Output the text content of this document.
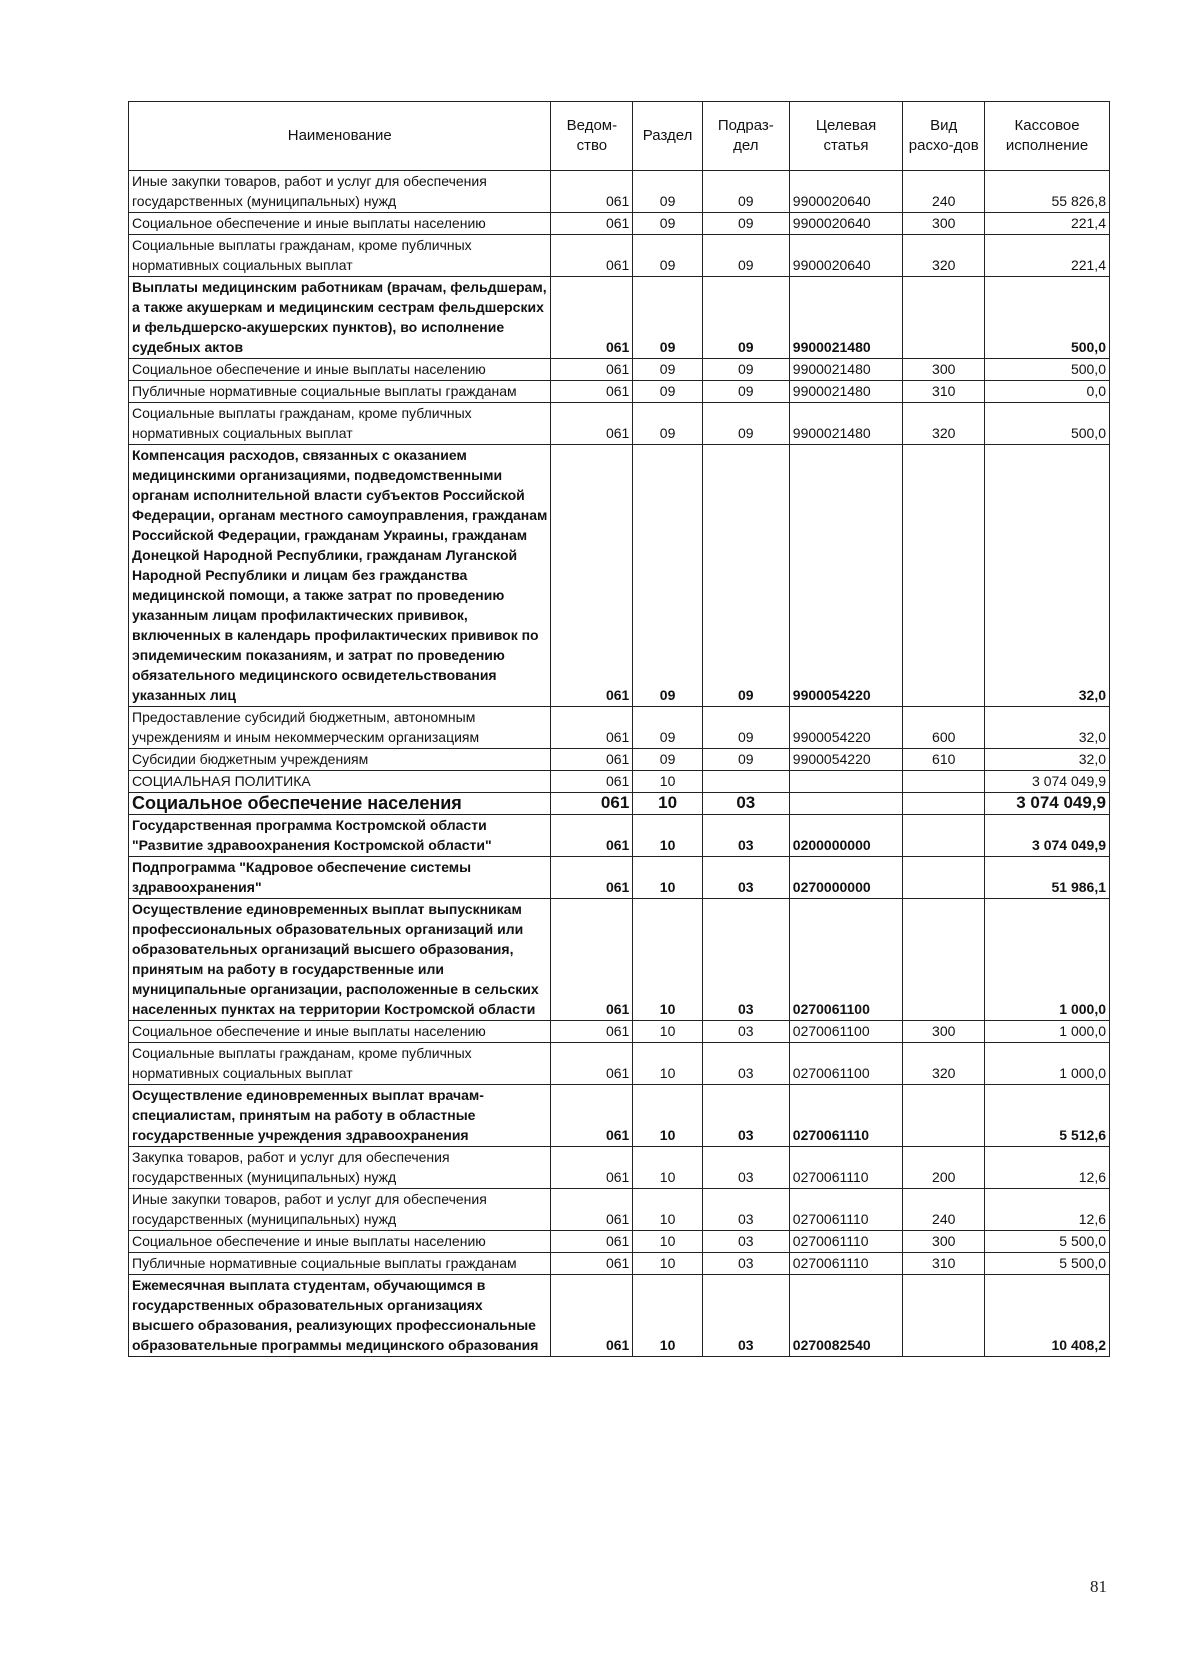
Наименование	Ведом-ство	Раздел	Подраз-дел	Целевая статья	Вид расхо-дов	Кассовое исполнение
Иные закупки товаров, работ и услуг для обеспечения государственных (муниципальных) нужд	061	09	09	9900020640	240	55 826,8
Социальное обеспечение и иные выплаты населению	061	09	09	9900020640	300	221,4
Социальные выплаты гражданам, кроме публичных нормативных социальных выплат	061	09	09	9900020640	320	221,4
Выплаты медицинским работникам (врачам, фельдшерам, а также акушеркам и медицинским сестрам фельдшерских и фельдшерско-акушерских пунктов), во исполнение судебных актов	061	09	09	9900021480		500,0
Социальное обеспечение и иные выплаты населению	061	09	09	9900021480	300	500,0
Публичные нормативные социальные выплаты гражданам	061	09	09	9900021480	310	0,0
Социальные выплаты гражданам, кроме публичных нормативных социальных выплат	061	09	09	9900021480	320	500,0
Компенсация расходов, связанных с оказанием медицинскими организациями, подведомственными органам исполнительной власти субъектов Российской Федерации, органам местного самоуправления, гражданам Российской Федерации, гражданам Украины, гражданам Донецкой Народной Республики, гражданам Луганской Народной Республики и лицам без гражданства медицинской помощи, а также затрат по проведению указанным лицам профилактических прививок, включенных в календарь профилактических прививок по эпидемическим показаниям, и затрат по проведению обязательного медицинского освидетельствования указанных лиц	061	09	09	9900054220		32,0
Предоставление субсидий бюджетным, автономным учреждениям и иным некоммерческим организациям	061	09	09	9900054220	600	32,0
Субсидии бюджетным учреждениям	061	09	09	9900054220	610	32,0
СОЦИАЛЬНАЯ ПОЛИТИКА	061	10				3 074 049,9
Социальное обеспечение населения	061	10	03			3 074 049,9
Государственная программа Костромской области "Развитие здравоохранения Костромской области"	061	10	03	0200000000		3 074 049,9
Подпрограмма "Кадровое обеспечение системы здравоохранения"	061	10	03	0270000000		51 986,1
Осуществление единовременных выплат выпускникам профессиональных образовательных организаций или образовательных организаций высшего образования, принятым на работу в государственные или муниципальные организации, расположенные в сельских населенных пунктах на территории Костромской области	061	10	03	0270061100		1 000,0
Социальное обеспечение и иные выплаты населению	061	10	03	0270061100	300	1 000,0
Социальные выплаты гражданам, кроме публичных нормативных социальных выплат	061	10	03	0270061100	320	1 000,0
Осуществление единовременных выплат врачам-специалистам, принятым на работу в областные государственные учреждения здравоохранения	061	10	03	0270061110		5 512,6
Закупка товаров, работ и услуг для обеспечения государственных (муниципальных) нужд	061	10	03	0270061110	200	12,6
Иные закупки товаров, работ и услуг для обеспечения государственных (муниципальных) нужд	061	10	03	0270061110	240	12,6
Социальное обеспечение и иные выплаты населению	061	10	03	0270061110	300	5 500,0
Публичные нормативные социальные выплаты гражданам	061	10	03	0270061110	310	5 500,0
Ежемесячная выплата студентам, обучающимся в государственных образовательных организациях высшего образования, реализующих профессиональные образовательные программы медицинского образования	061	10	03	0270082540		10 408,2
81
